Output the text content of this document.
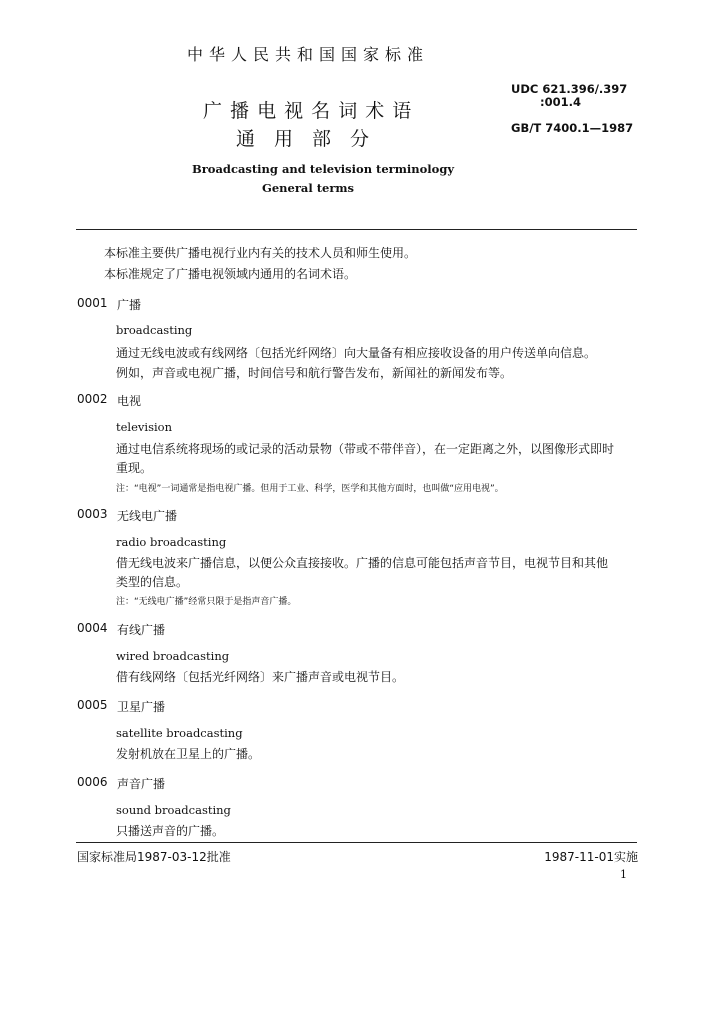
中华人民共和国国家标准
广 播 电 视 名 词 术 语
通　用　部　分
Broadcasting and television terminology
General terms
UDC 621.396/.397
:001.4
GB/T 7400.1—1987
本标准主要供广播电视行业内有关的技术人员和师生使用。
本标准规定了广播电视领域内通用的名词术语。
0001 广播
broadcasting
通过无线电波或有线网络〔包括光纤网络〕向大量备有相应接收设备的用户传送单向信息。
例如，声音或电视广播，时间信号和航行警告发布，新闻社的新闻发布等。
0002 电视
television
通过电信系统将现场的或记录的活动景物（带或不带伴音），在一定距离之外，以图像形式即时
重现。
注：“电视”一词通常是指电视广播。但用于工业、科学，医学和其他方面时，也叫做“应用电视”。
0003 无线电广播
radio broadcasting
借无线电波来广播信息，以便公众直接接收。广播的信息可能包括声音节目，电视节目和其他
类型的信息。
注：“无线电广播”经常只限于是指声音广播。
0004 有线广播
wired broadcasting
借有线网络〔包括光纤网络〕来广播声音或电视节目。
0005 卫星广播
satellite broadcasting
发射机放在卫星上的广播。
0006 声音广播
sound broadcasting
只播送声音的广播。
国家标准局1987-03-12批准	1987-11-01实施
1
